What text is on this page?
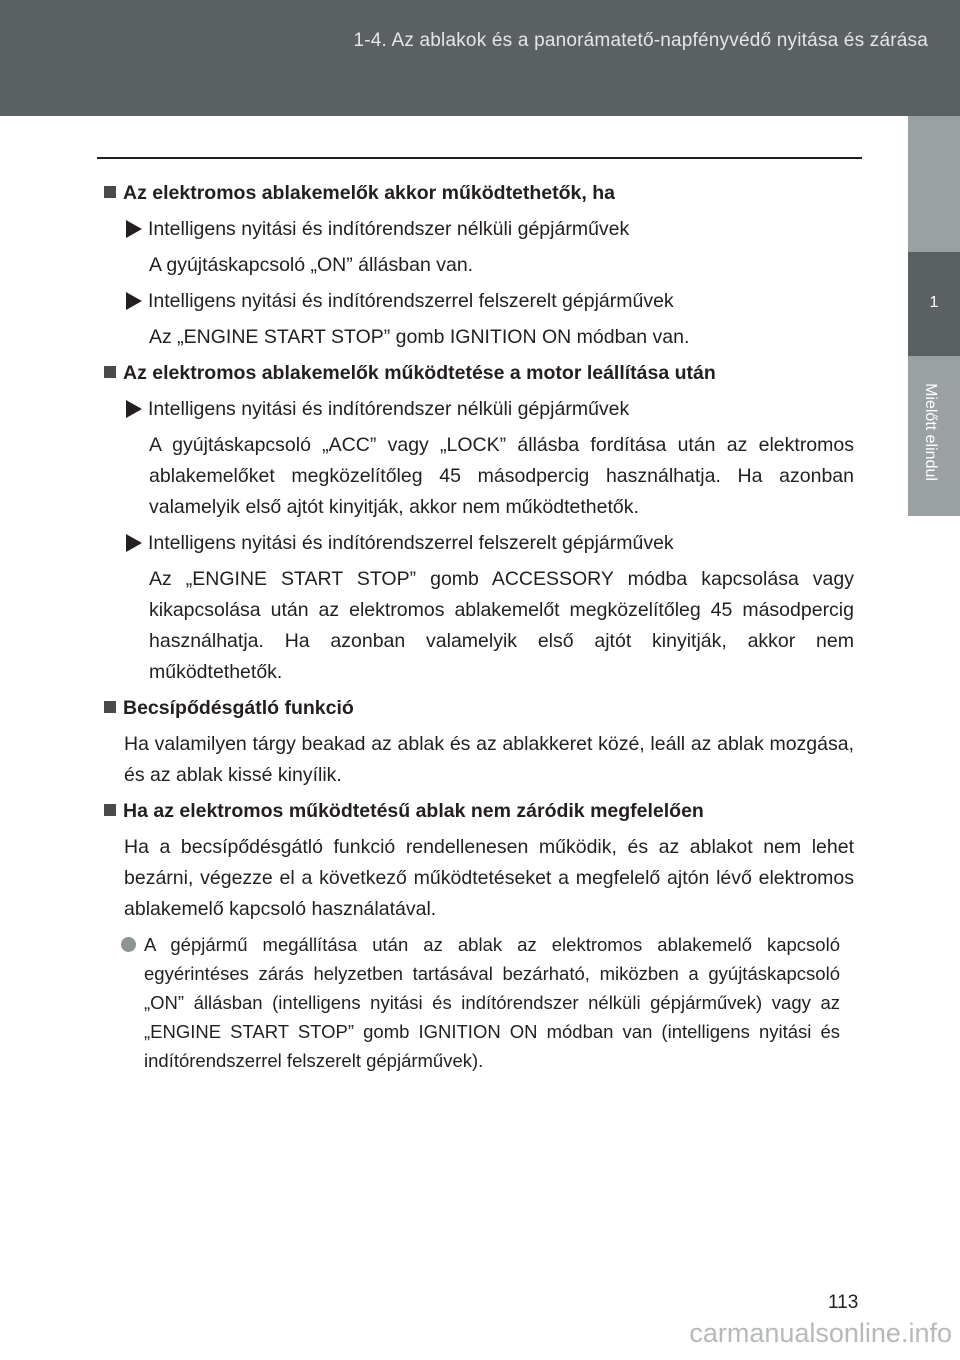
1-4. Az ablakok és a panorámatető-napfényvédő nyitása és zárása
1
Mielőtt elindul
Az elektromos ablakemelők akkor működtethetők, ha
Intelligens nyitási és indítórendszer nélküli gépjárművek
A gyújtáskapcsoló „ON” állásban van.
Intelligens nyitási és indítórendszerrel felszerelt gépjárművek
Az „ENGINE START STOP” gomb IGNITION ON módban van.
Az elektromos ablakemelők működtetése a motor leállítása után
Intelligens nyitási és indítórendszer nélküli gépjárművek
A gyújtáskapcsoló „ACC” vagy „LOCK” állásba fordítása után az elektromos ablakemelőket megközelítőleg 45 másodpercig használhatja. Ha azonban valamelyik első ajtót kinyitják, akkor nem működtethetők.
Intelligens nyitási és indítórendszerrel felszerelt gépjárművek
Az „ENGINE START STOP” gomb ACCESSORY módba kapcsolása vagy kikapcsolása után az elektromos ablakemelőt megközelítőleg 45 másodpercig használhatja. Ha azonban valamelyik első ajtót kinyitják, akkor nem működtethetők.
Becsípődésgátló funkció
Ha valamilyen tárgy beakad az ablak és az ablakkeret közé, leáll az ablak mozgása, és az ablak kissé kinyílik.
Ha az elektromos működtetésű ablak nem záródik megfelelően
Ha a becsípődésgátló funkció rendellenesen működik, és az ablakot nem lehet bezárni, végezze el a következő működtetéseket a megfelelő ajtón lévő elektromos ablakemelő kapcsoló használatával.
A gépjármű megállítása után az ablak az elektromos ablakemelő kapcsoló egyérintéses zárás helyzetben tartásával bezárható, miközben a gyújtáskapcsoló „ON” állásban (intelligens nyitási és indítórendszer nélküli gépjárművek) vagy az „ENGINE START STOP” gomb IGNITION ON módban van (intelligens nyitási és indítórendszerrel felszerelt gépjárművek).
113
carmanualsonline.info
